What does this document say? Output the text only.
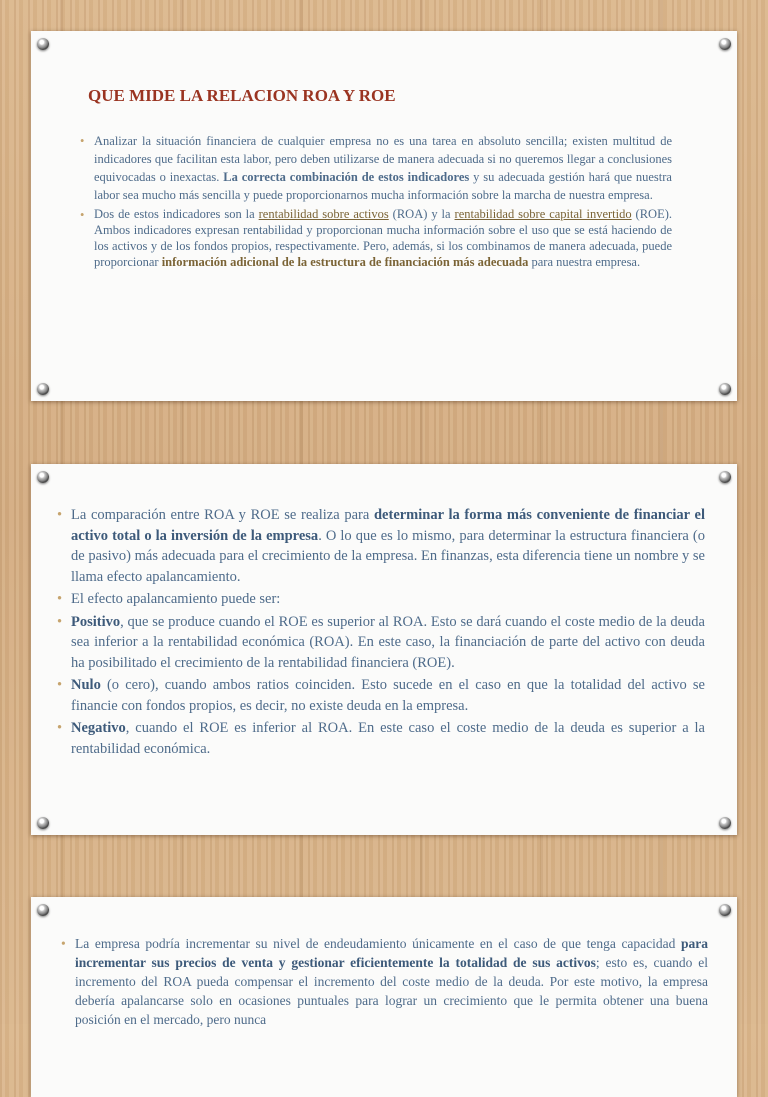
QUE MIDE LA RELACION ROA Y ROE
• Analizar la situación financiera de cualquier empresa no es una tarea en absoluto sencilla; existen multitud de indicadores que facilitan esta labor, pero deben utilizarse de manera adecuada si no queremos llegar a conclusiones equivocadas o inexactas. La correcta combinación de estos indicadores y su adecuada gestión hará que nuestra labor sea mucho más sencilla y puede proporcionarnos mucha información sobre la marcha de nuestra empresa.
• Dos de estos indicadores son la rentabilidad sobre activos (ROA) y la rentabilidad sobre capital invertido (ROE). Ambos indicadores expresan rentabilidad y proporcionan mucha información sobre el uso que se está haciendo de los activos y de los fondos propios, respectivamente. Pero, además, si los combinamos de manera adecuada, puede proporcionar información adicional de la estructura de financiación más adecuada para nuestra empresa.
• La comparación entre ROA y ROE se realiza para determinar la forma más conveniente de financiar el activo total o la inversión de la empresa. O lo que es lo mismo, para determinar la estructura financiera (o de pasivo) más adecuada para el crecimiento de la empresa. En finanzas, esta diferencia tiene un nombre y se llama efecto apalancamiento.
• El efecto apalancamiento puede ser:
• Positivo, que se produce cuando el ROE es superior al ROA. Esto se dará cuando el coste medio de la deuda sea inferior a la rentabilidad económica (ROA). En este caso, la financiación de parte del activo con deuda ha posibilitado el crecimiento de la rentabilidad financiera (ROE).
• Nulo (o cero), cuando ambos ratios coinciden. Esto sucede en el caso en que la totalidad del activo se financie con fondos propios, es decir, no existe deuda en la empresa.
• Negativo, cuando el ROE es inferior al ROA. En este caso el coste medio de la deuda es superior a la rentabilidad económica.
• La empresa podría incrementar su nivel de endeudamiento únicamente en el caso de que tenga capacidad para incrementar sus precios de venta y gestionar eficientemente la totalidad de sus activos; esto es, cuando el incremento del ROA pueda compensar el incremento del coste medio de la deuda. Por este motivo, la empresa debería apalancarse solo en ocasiones puntuales para lograr un crecimiento que le permita obtener una buena posición en el mercado, pero nunca
